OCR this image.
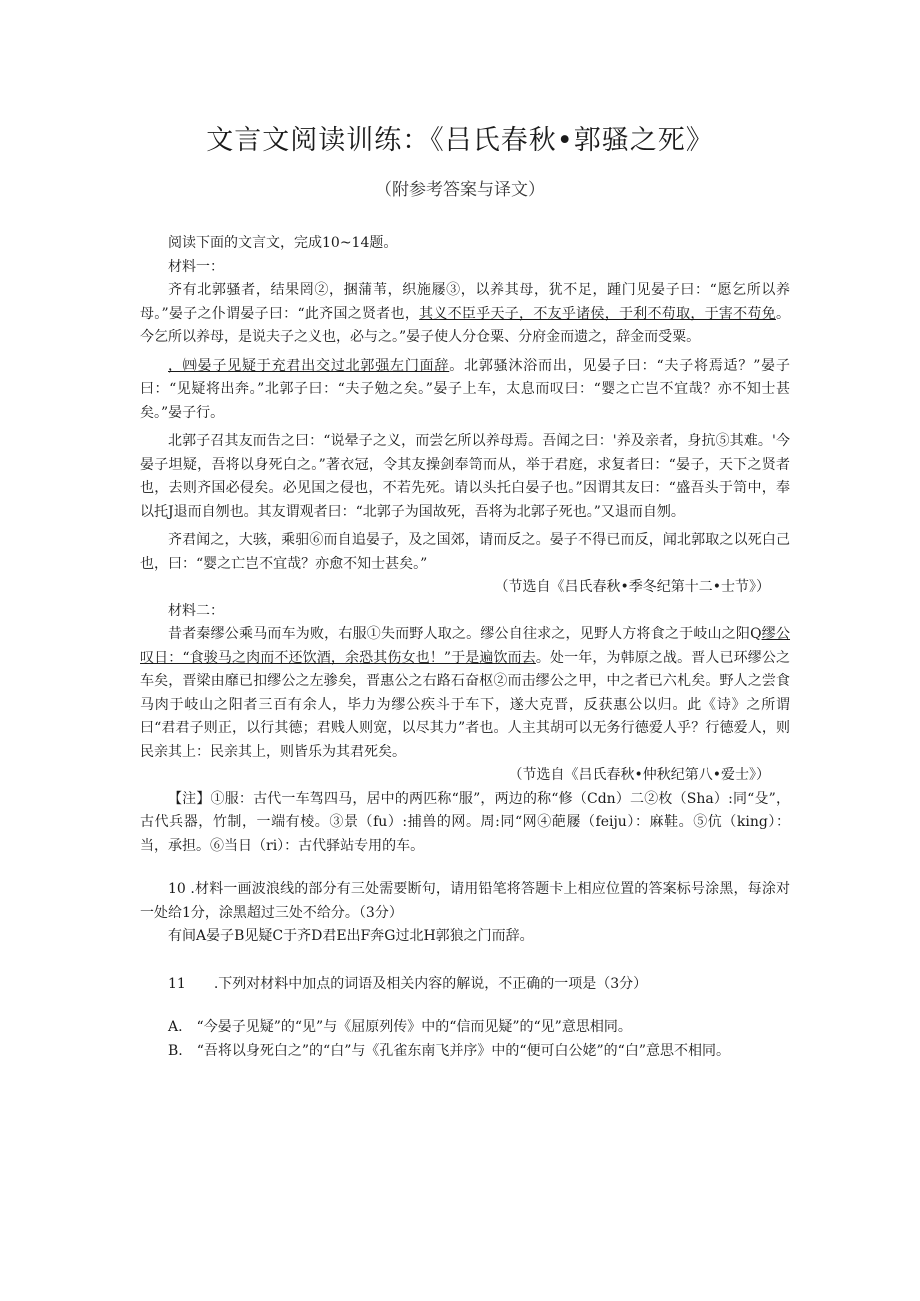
文言文阅读训练：《吕氏春秋•郭骚之死》
（附参考答案与译文）

阅读下面的文言文，完成10~14题。

材料一：

齐有北郭骚者，结果罔②，捆蒲苇，织施屦③，以养其母，犹不足，踵门见晏子曰：“愿乞所以养母。”晏子之仆谓晏子曰：“此齐国之贤者也，其义不臣乎天子，不友乎诸侯，于利不苟取，于害不苟免。今乞所以养母，是说夫子之义也，必与之。”晏子使人分仓粟、分府金而遗之，辞金而受粟。

，㈣晏子见疑于充君出交过北郭强左门面辞。北郭骚沐浴而出，见晏子曰：“夫子将焉适？”晏子曰：“见疑将出奔。”北郭子曰：“夫子勉之矣。”晏子上车，太息而叹曰：“婴之亡岂不宜哉？亦不知士甚矣。”晏子行。

北郭子召其友而告之曰：“说晕子之义，而尝乞所以养母焉。吾闻之曰：'养及亲者，身抗⑤其难。'今晏子坦疑，吾将以身死白之。”著衣冠，令其友操剑奉笥而从，举于君庭，求复者曰：“晏子，天下之贤者也，去则齐国必侵矣。必见国之侵也，不若先死。请以头托白晏子也。”因谓其友曰：“盛吾头于笥中，奉以托J退而自刎也。其友谓观者曰：“北郭子为国故死，吾将为北郭子死也。”又退而自刎。

齐君闻之，大骇，乘驲⑥而自追晏子，及之国郊，请而反之。晏子不得已而反，闻北郭取之以死白己也，曰：“婴之亡岂不宜哉？亦愈不知士甚矣。”

（节选自《吕氏春秋•季冬纪第十二•士节》）

材料二：

昔者秦缪公乘马而车为败，右服①失而野人取之。缪公自往求之，见野人方将食之于岐山之阳Q缪公叹日：“食骏马之肉而不还饮酒，余恐其伤女也！”于是遍饮而去。处一年，为韩原之战。晋人已环缪公之车矣，晋梁由靡已扣缪公之左骖矣，晋惠公之右路石奋枢②而击缪公之甲，中之者已六札矣。野人之尝食马肉于岐山之阳者三百有余人，毕力为缪公疾斗于车下，遂大克晋，反获惠公以归。此《诗》之所谓曰“君君子则正，以行其德；君贱人则宽，以尽其力”者也。人主其胡可以无务行德爱人乎？行德爱人，则民亲其上：民亲其上，则皆乐为其君死矣。

（节选自《吕氏春秋•仲秋纪第八•爱士》）

【注】①服：古代一车驾四马，居中的两匹称“服”，两边的称“修（Cdn）二②枚（Sha）:同“殳”，古代兵器，竹制，一端有棱。③景（fu）:捕兽的网。周:同“网④葩屦（feiju）：麻鞋。⑤伉（king）：当，承担。⑥当日（ri）：古代驿站专用的车。

10 .材料一画波浪线的部分有三处需要断句，请用铅笔将答题卡上相应位置的答案标号涂黑，每涂对一处给1分，涂黑超过三处不给分。（3分）

有间A晏子B见疑C于齐D君E出F奔G过北H郭狼之门而辞。

11　　.下列对材料中加点的词语及相关内容的解说，不正确的一项是（3分）

A.　“今晏子见疑”的“见”与《屈原列传》中的“信而见疑”的“见”意思相同。

B.　“吾将以身死白之”的“白”与《孔雀东南飞并序》中的“便可白公姥”的“白”意思不相同。
